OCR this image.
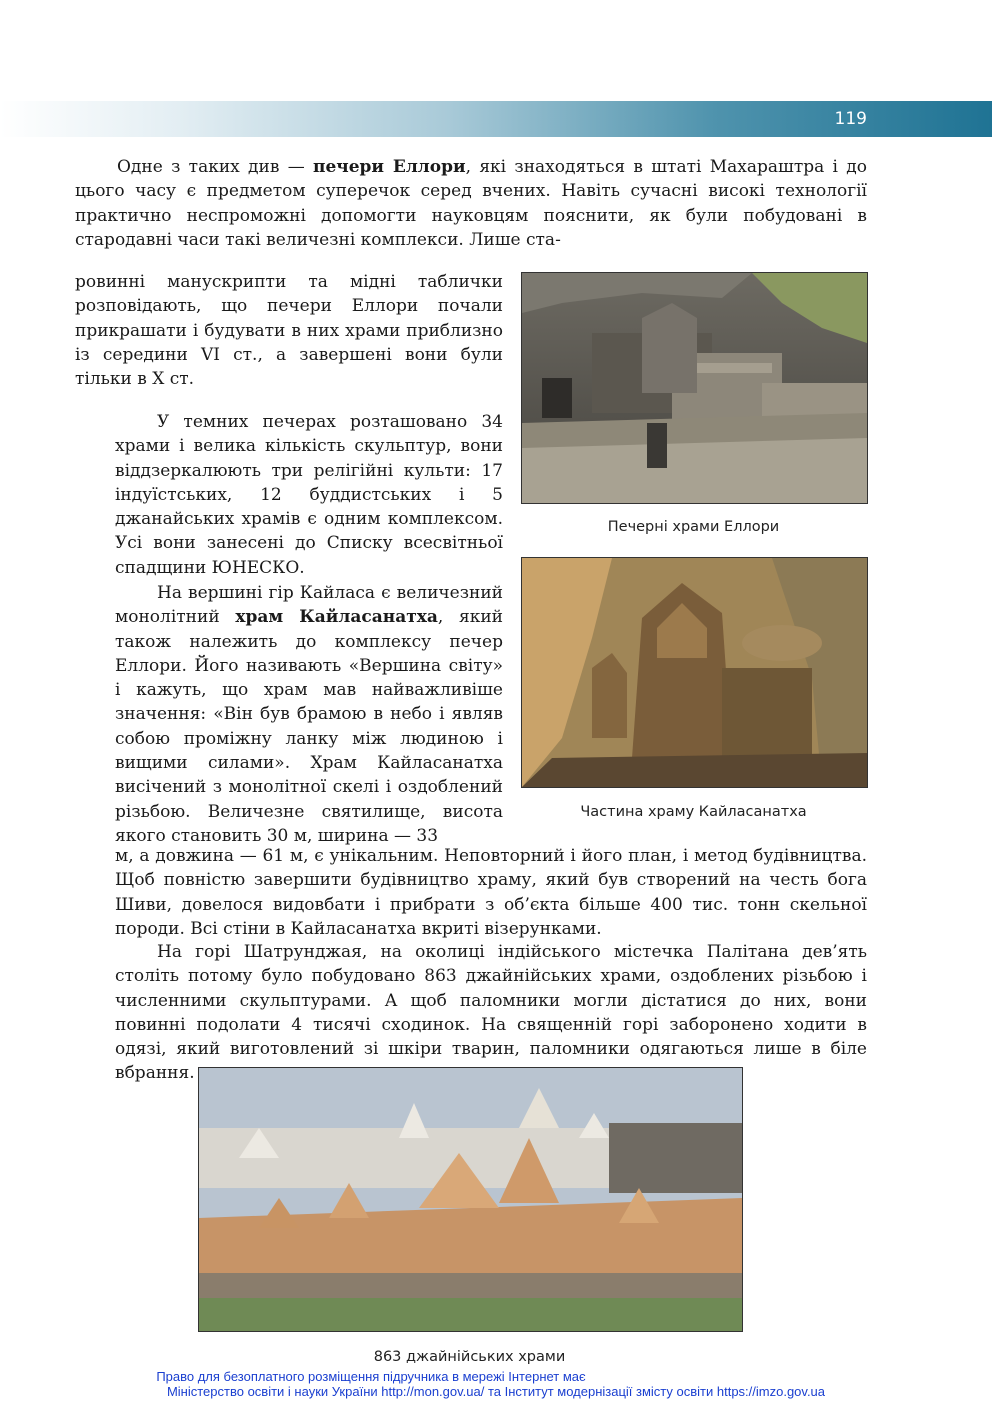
119

Одне з таких див — печери Еллори, які знаходяться в штаті Махараштра і до цього часу є предметом суперечок серед вчених. Навіть сучасні високі технології практично неспроможні допомогти науковцям пояснити, як були побудовані в стародавні часи такі величезні комплекси. Лише ста-

ровинні манускрипти та мідні таблички розповідають, що печери Еллори почали прикрашати і будувати в них храми приблизно із середини VI ст., а завершені вони були тільки в X ст.

У темних печерах розташовано 34 храми і велика кількість скульптур, вони віддзеркалюють три релігійні культи: 17 індуїстських, 12 буддистських і 5 джанайських храмів є одним комплексом. Усі вони занесені до Списку всесвітньої спадщини ЮНЕСКО.

На вершині гір Кайласа є величезний монолітний храм Кайласанатха, який також належить до комплексу печер Еллори. Його називають «Вершина світу» і кажуть, що храм мав найважливіше значення: «Він був брамою в небо і являв собою проміжну ланку між людиною і вищими силами». Храм Кайласанатха висічений з монолітної скелі і оздоблений різьбою. Величезне святилище, висота якого становить 30 м, ширина — 33

м, а довжина — 61 м, є унікальним. Неповторний і його план, і метод будівництва. Щоб повністю завершити будівництво храму, який був створений на честь бога Шиви, довелося видовбати і прибрати з об’єкта більше 400 тис. тонн скельної породи. Всі стіни в Кайласанатха вкриті візерунками.

На горі Шатрунджая, на околиці індійського містечка Палітана дев’ять століть потому було побудовано 863 джайнійських храми, оздоблених різьбою і численними скульптурами. А щоб паломники могли дістатися до них, вони повинні подолати 4 тисячі сходинок. На священній горі заборонено ходити в одязі, який виготовлений зі шкіри тварин, паломники одягаються лише в біле вбрання.

Печерні храми Еллори
Частина храму Кайласанатха
863 джайнійських храми
Право для безоплатного розміщення підручника в мережі Інтернет має
Міністерство освіти і науки України http://mon.gov.ua/ та Інститут модернізації змісту освіти https://imzo.gov.ua
